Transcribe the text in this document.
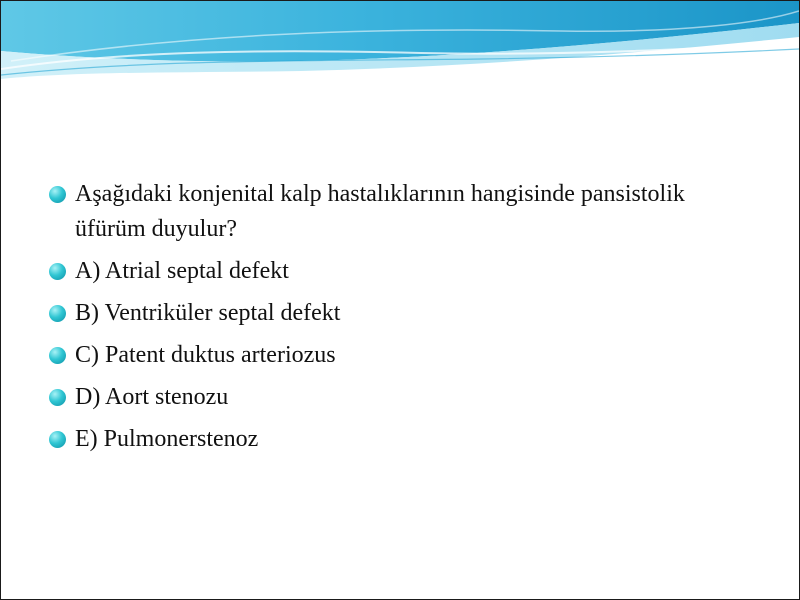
Aşağıdaki konjenital kalp hastalıklarının hangisinde pansistolik üfürüm duyulur?
A) Atrial septal defekt
B) Ventriküler septal defekt
C) Patent duktus arteriozus
D) Aort stenozu
E) Pulmonerstenoz
